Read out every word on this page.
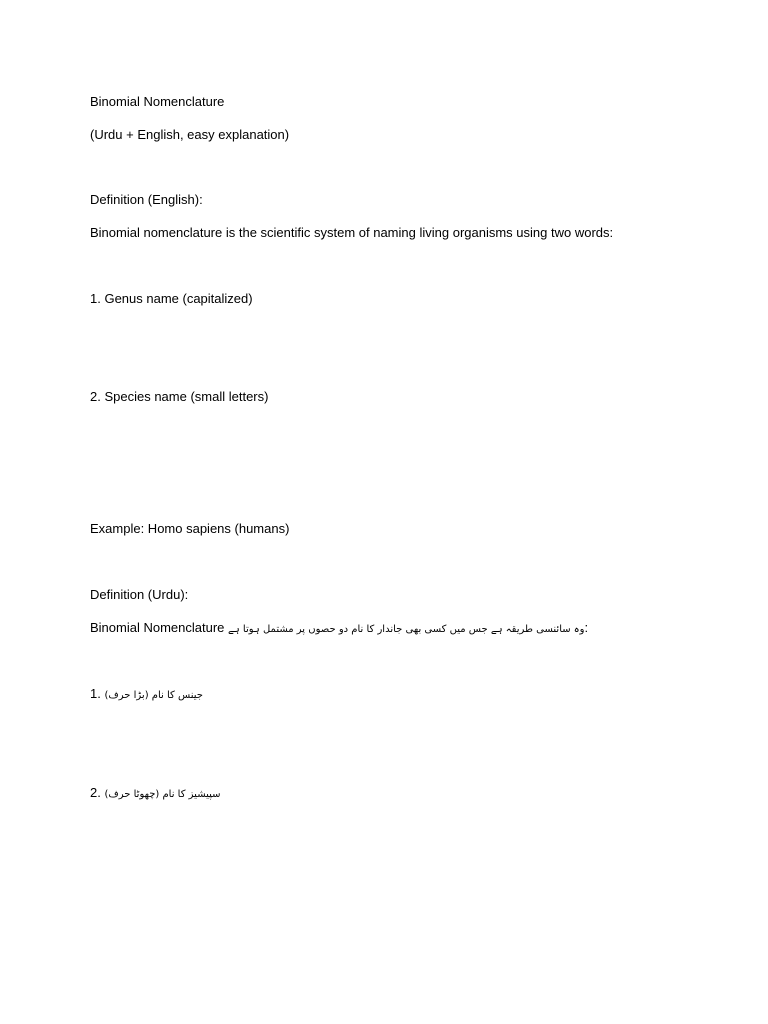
Binomial Nomenclature
(Urdu + English, easy explanation)
Definition (English):
Binomial nomenclature is the scientific system of naming living organisms using two words:
1. Genus name (capitalized)
2. Species name (small letters)
Example: Homo sapiens (humans)
Definition (Urdu):
Binomial Nomenclature وہ سائنسی طریقہ ہے جس میں کسی بھی جاندار کا نام دو حصوں پر مشتمل ہوتا ہے:
1. جینس کا نام (بڑا حرف)
2. سپیشیز کا نام (چھوٹا حرف)
